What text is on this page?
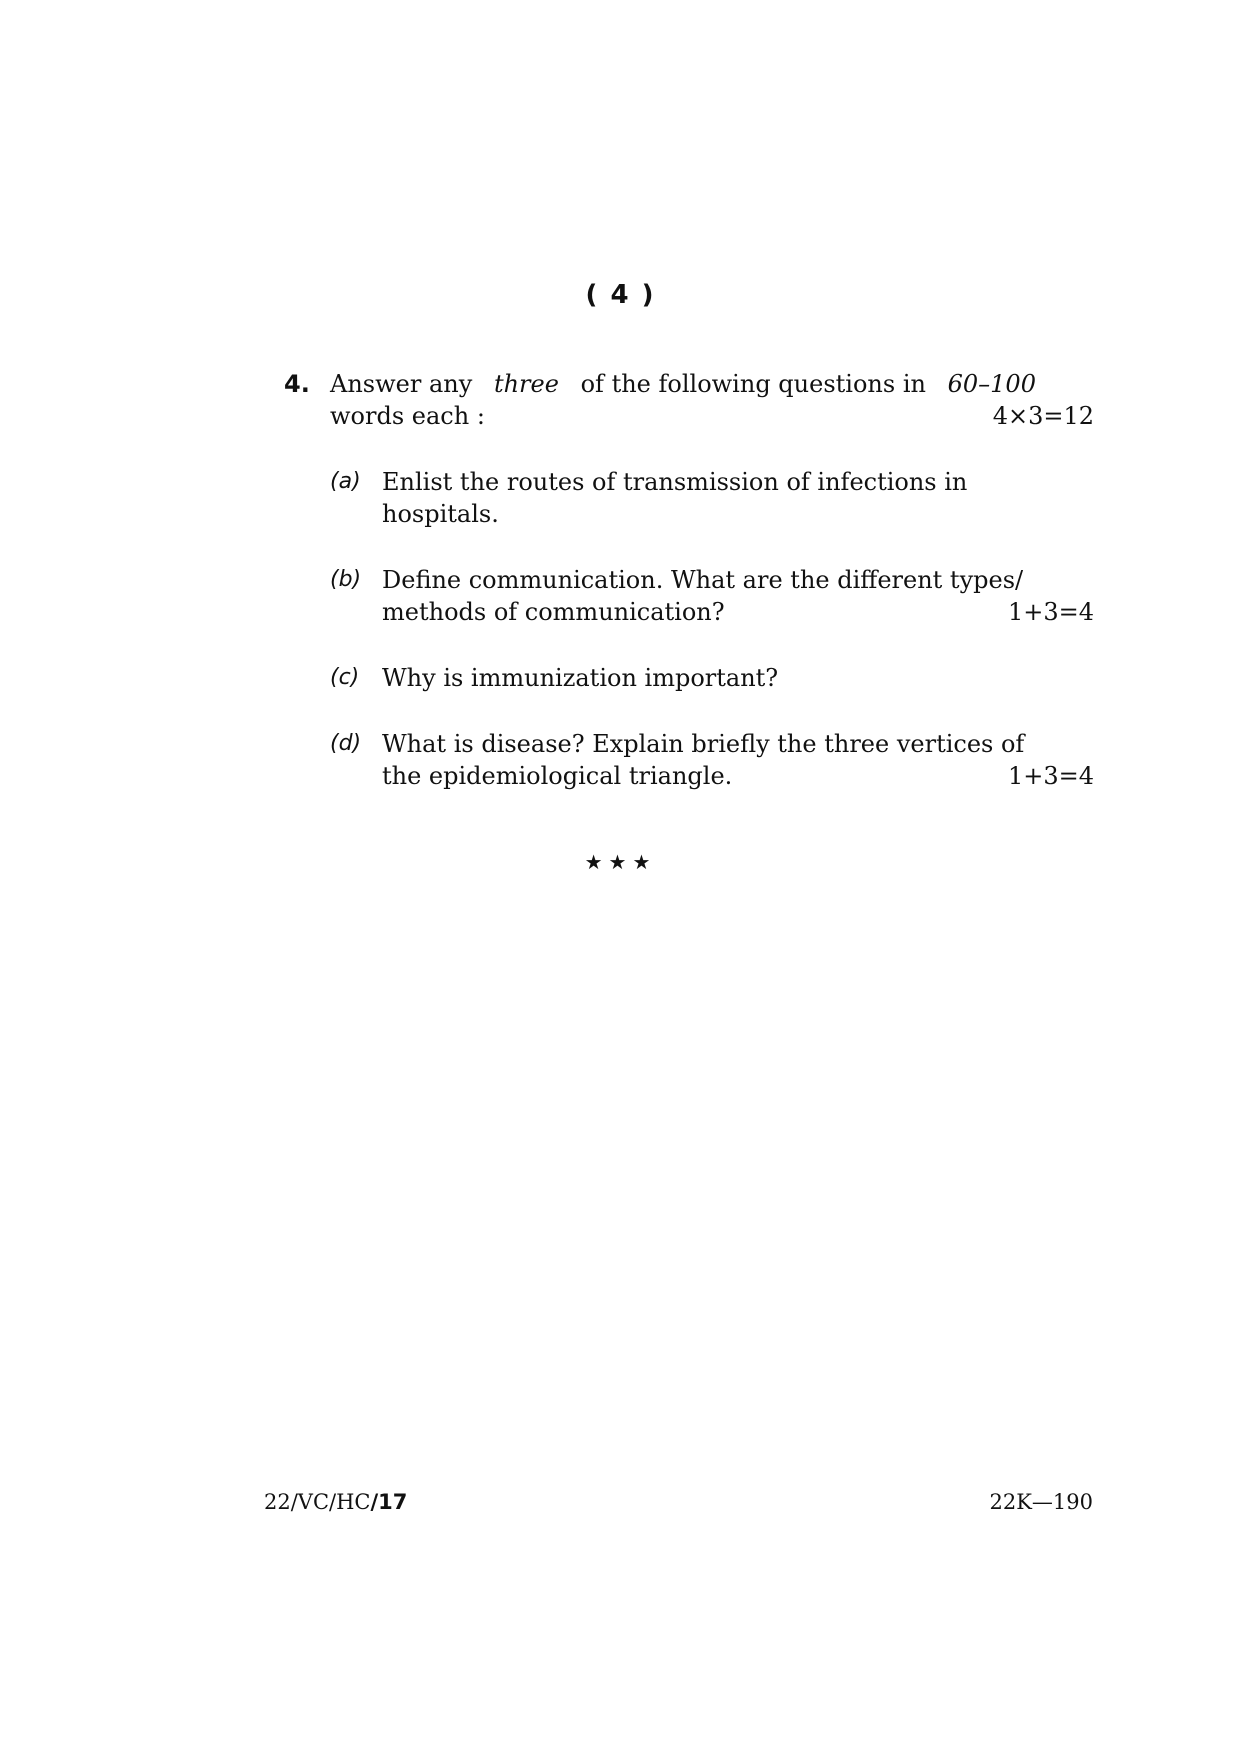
( 4 )
4. Answer any three of the following questions in 60–100
words each :	4×3=12
(a) Enlist the routes of transmission of infections in
hospitals.
(b) Define communication. What are the different types/
methods of communication?	1+3=4
(c) Why is immunization important?
(d) What is disease? Explain briefly the three vertices of
the epidemiological triangle.	1+3=4
★★★
22/VC/HC/17	22K—190
